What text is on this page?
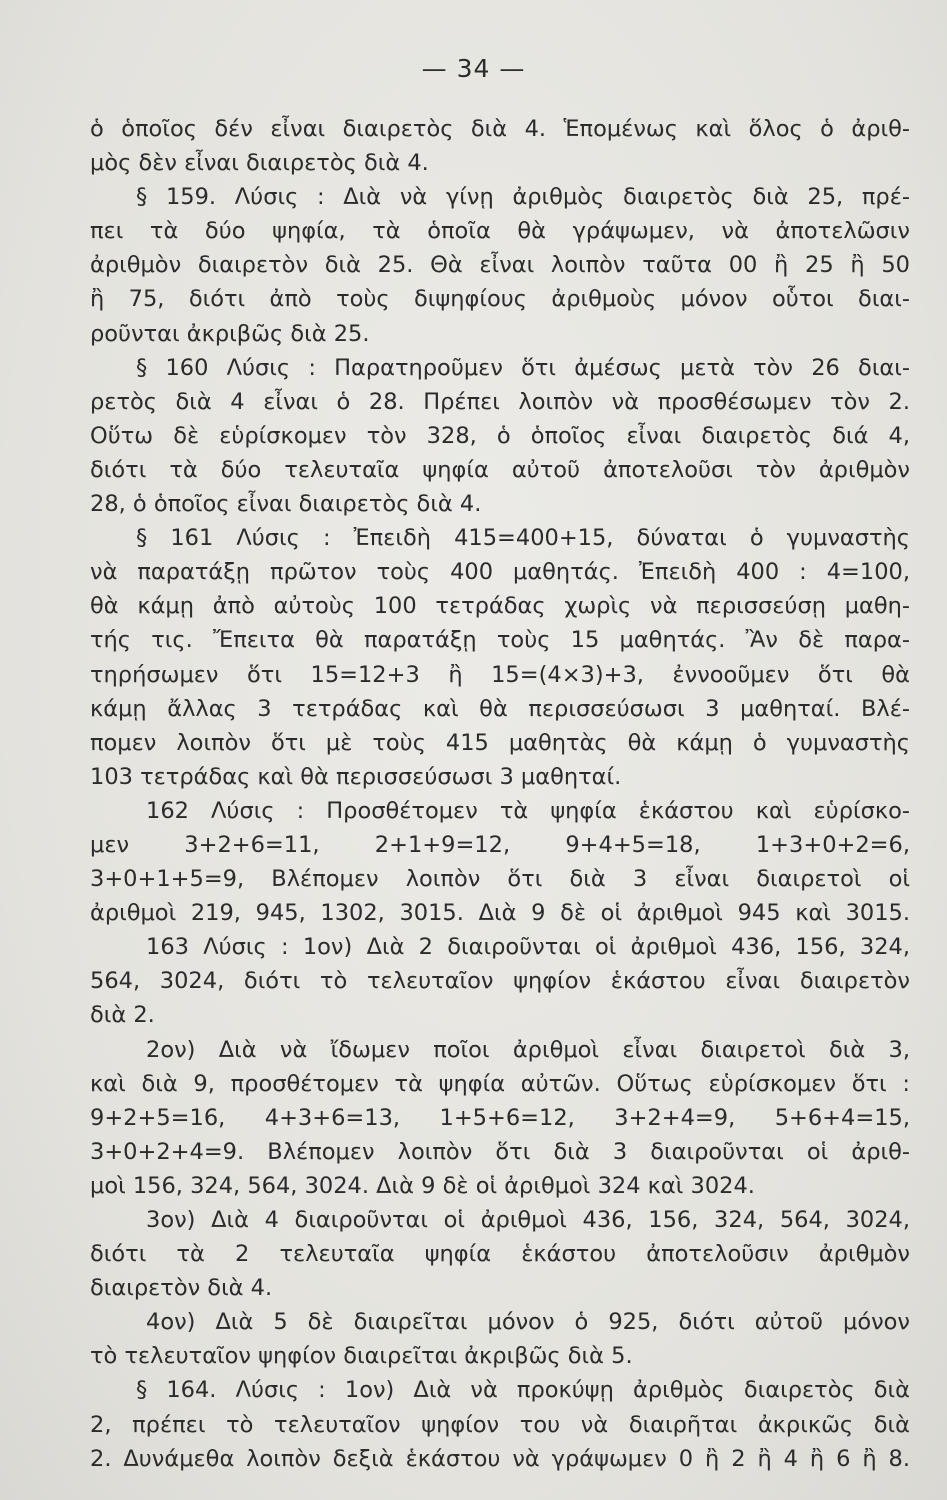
— 34 —
ὁ ὁποῖος δέν εἶναι διαιρετὸς διὰ 4. Ἑπομένως καὶ ὅλος ὁ ἀριθ-
μὸς δὲν εἶναι διαιρετὸς διὰ 4.
§ 159. Λύσις : Διὰ νὰ γίνῃ ἀριθμὸς διαιρετὸς διὰ 25, πρέ-
πει τὰ δύο ψηφία, τὰ ὁποῖα θὰ γράψωμεν, νὰ ἀποτελῶσιν
ἀριθμὸν διαιρετὸν διὰ 25. Θὰ εἶναι λοιπὸν ταῦτα 00 ἢ 25 ἢ 50
ἢ 75, διότι ἀπὸ τοὺς διψηφίους ἀριθμοὺς μόνον οὗτοι διαι-
ροῦνται ἀκριβῶς διὰ 25.
§ 160 Λύσις : Παρατηροῦμεν ὅτι ἀμέσως μετὰ τὸν 26 διαι-
ρετὸς διὰ 4 εἶναι ὁ 28. Πρέπει λοιπὸν νὰ προσθέσωμεν τὸν 2.
Οὕτω δὲ εὑρίσκομεν τὸν 328, ὁ ὁποῖος εἶναι διαιρετὸς διά 4,
διότι τὰ δύο τελευταῖα ψηφία αὐτοῦ ἀποτελοῦσι τὸν ἀριθμὸν
28, ὁ ὁποῖος εἶναι διαιρετὸς διὰ 4.
§ 161 Λύσις : Ἐπειδὴ 415=400+15, δύναται ὁ γυμναστὴς
νὰ παρατάξῃ πρῶτον τοὺς 400 μαθητάς. Ἐπειδὴ 400 : 4=100,
θὰ κάμῃ ἀπὸ αὐτοὺς 100 τετράδας χωρὶς νὰ περισσεύσῃ μαθη-
τής τις. Ἔπειτα θὰ παρατάξῃ τοὺς 15 μαθητάς. Ἂν δὲ παρα-
τηρήσωμεν ὅτι 15=12+3 ἢ 15=(4×3)+3, ἐννοοῦμεν ὅτι θὰ
κάμῃ ἄλλας 3 τετράδας καὶ θὰ περισσεύσωσι 3 μαθηταί. Βλέ-
πομεν λοιπὸν ὅτι μὲ τοὺς 415 μαθητὰς θὰ κάμῃ ὁ γυμναστὴς
103 τετράδας καὶ θὰ περισσεύσωσι 3 μαθηταί.
162 Λύσις : Προσθέτομεν τὰ ψηφία ἑκάστου καὶ εὑρίσκο-
μεν 3+2+6=11, 2+1+9=12, 9+4+5=18, 1+3+0+2=6,
3+0+1+5=9, Βλέπομεν λοιπὸν ὅτι διὰ 3 εἶναι διαιρετοὶ οἱ
ἀριθμοὶ 219, 945, 1302, 3015. Διὰ 9 δὲ οἱ ἀριθμοὶ 945 καὶ 3015.
163 Λύσις : 1ον) Διὰ 2 διαιροῦνται οἱ ἀριθμοὶ 436, 156, 324,
564, 3024, διότι τὸ τελευταῖον ψηφίον ἑκάστου εἶναι διαιρετὸν
διὰ 2.
2ον) Διὰ νὰ ἴδωμεν ποῖοι ἀριθμοὶ εἶναι διαιρετοὶ διὰ 3,
καὶ διὰ 9, προσθέτομεν τὰ ψηφία αὐτῶν. Οὕτως εὑρίσκομεν ὅτι :
9+2+5=16, 4+3+6=13, 1+5+6=12, 3+2+4=9, 5+6+4=15,
3+0+2+4=9. Βλέπομεν λοιπὸν ὅτι διὰ 3 διαιροῦνται οἱ ἀριθ-
μοὶ 156, 324, 564, 3024. Διὰ 9 δὲ οἱ ἀριθμοὶ 324 καὶ 3024.
3ον) Διὰ 4 διαιροῦνται οἱ ἀριθμοὶ 436, 156, 324, 564, 3024,
διότι τὰ 2 τελευταῖα ψηφία ἑκάστου ἀποτελοῦσιν ἀριθμὸν
διαιρετὸν διὰ 4.
4ον) Διὰ 5 δὲ διαιρεῖται μόνον ὁ 925, διότι αὐτοῦ μόνον
τὸ τελευταῖον ψηφίον διαιρεῖται ἀκριβῶς διὰ 5.
§ 164. Λύσις : 1ον) Διὰ νὰ προκύψῃ ἀριθμὸς διαιρετὸς διὰ
2, πρέπει τὸ τελευταῖον ψηφίον του νὰ διαιρῆται ἀκρικῶς διὰ
2. Δυνάμεθα λοιπὸν δεξιὰ ἑκάστου νὰ γράψωμεν 0 ἢ 2 ἢ 4 ἢ 6 ἢ 8.
